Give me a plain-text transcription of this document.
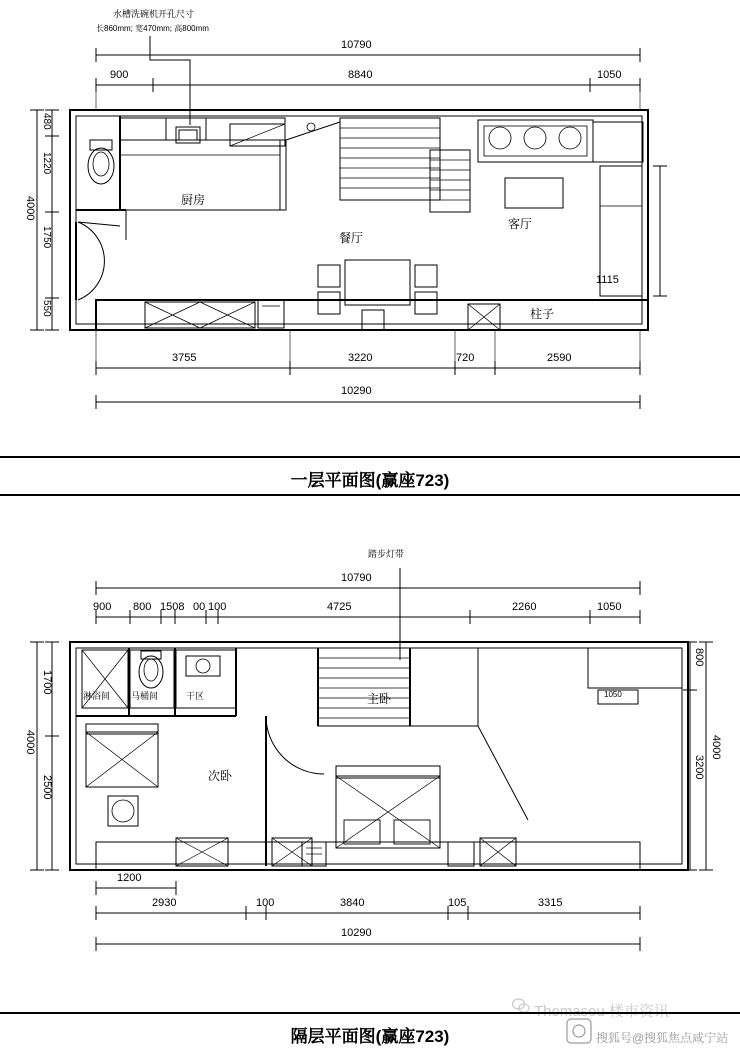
水槽洗碗机开孔尺寸
长860mm; 宽470mm; 高800mm
10790
900	8840	1050
480
1220
1750
550
4000
1115
厨房
餐厅
客厅
柱子
3755	3220	720	2590
10290
一层平面图(赢座723)
踏步灯带
10790
900 800 1508 00 100	4725	2260	1050
1700
2500
4000
800
3200
4000
淋浴间 马桶间	干区
次卧
主卧	1050
1200
2930	100	3840	105	3315
10290
搜狐号@搜狐焦点咸宁站
隔层平面图(赢座723)
